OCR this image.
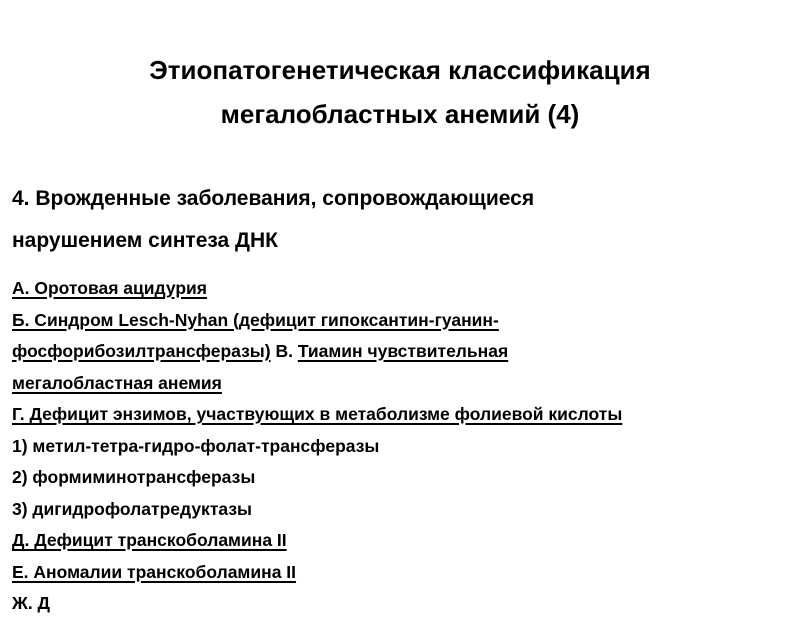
Этиопатогенетическая классификация
мегалобластных анемий (4)
4. Врожденные заболевания, сопровождающиеся
нарушением синтеза ДНК
А. Оротовая ацидурия
Б. Синдром Lesch-Nyhan (дефицит гипоксантин-гуанин-
фосфорибозилтрансферазы) В. Тиамин чувствительная
мегалобластная анемия
Г. Дефицит энзимов, участвующих в метаболизме фолиевой кислоты
1) метил-тетра-гидро-фолат-трансферазы
2) формиминотрансферазы
3) дигидрофолатредуктазы
Д. Дефицит транскоболамина II
Е. Аномалии транскоболамина II
Ж. Д
